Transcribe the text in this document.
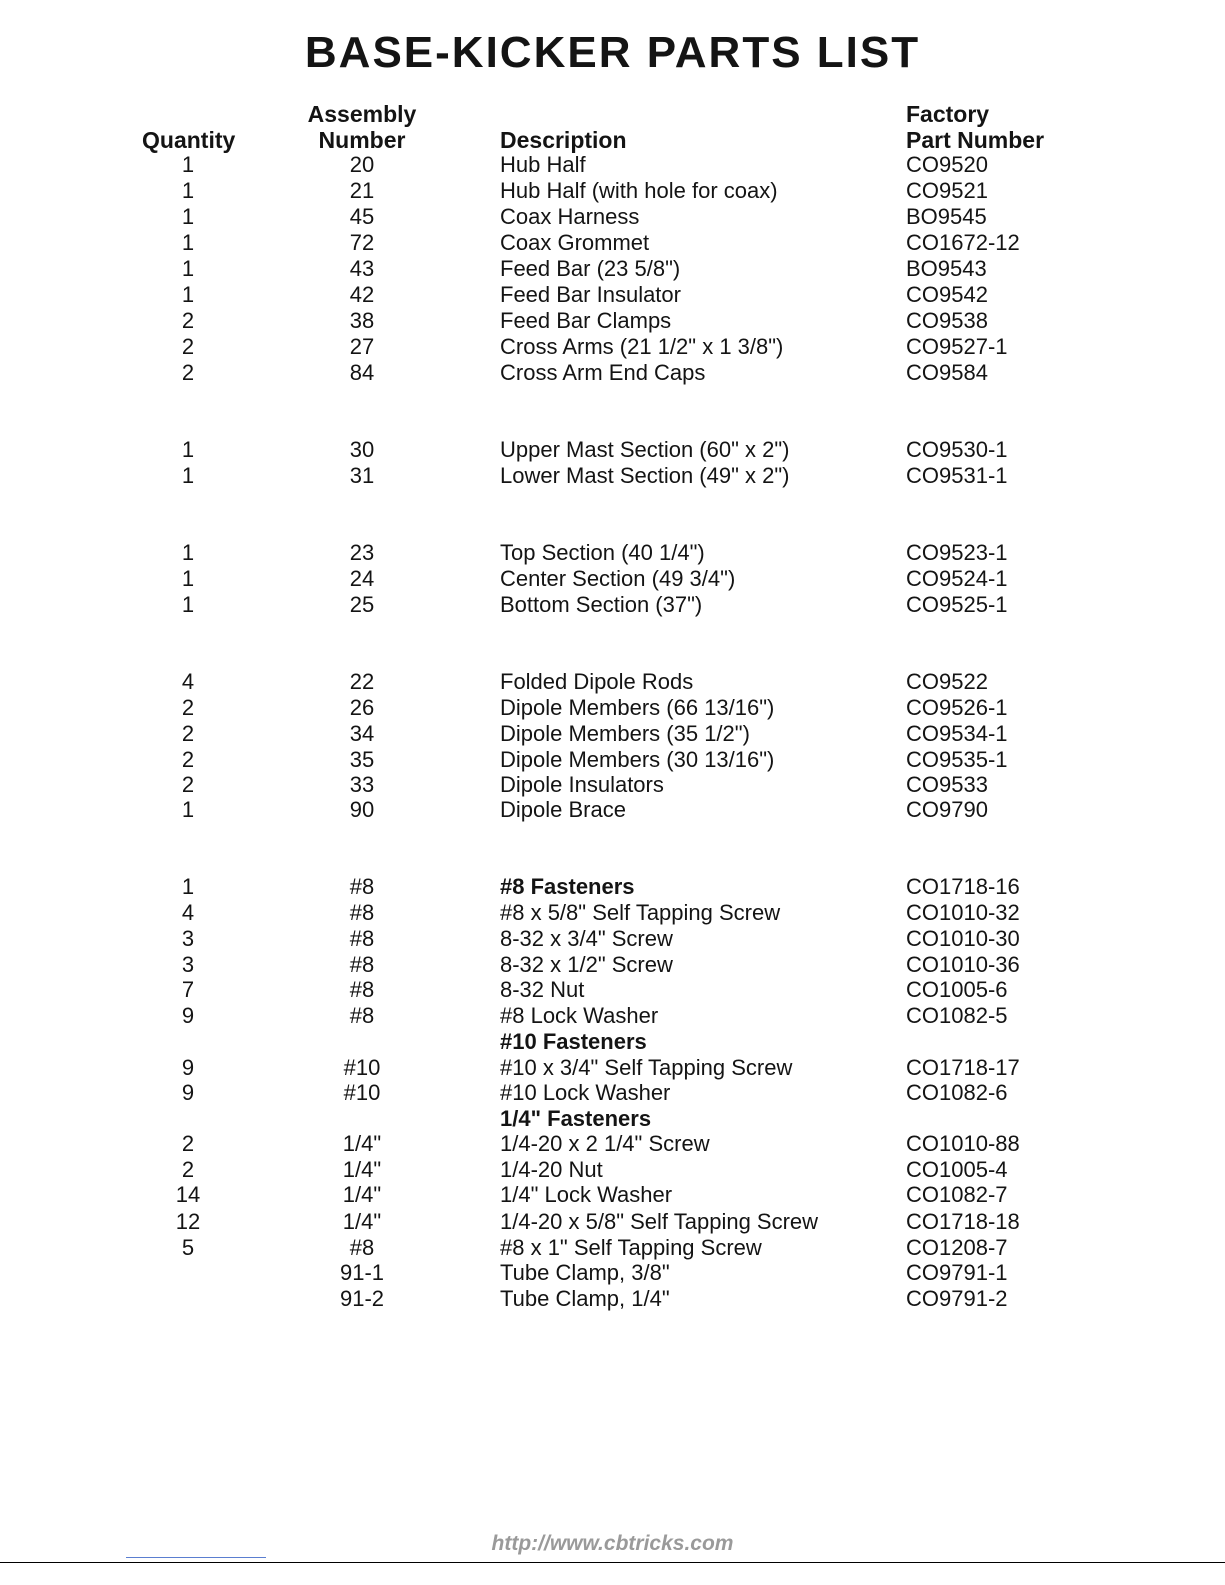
BASE-KICKER PARTS LIST
Quantity
Assembly
Number	Description
Factory
Part Number
1	20	Hub Half	CO9520
1	21	Hub Half (with hole for coax)	CO9521
1	45	Coax Harness	BO9545
1	72	Coax Grommet	CO1672-12
1	43	Feed Bar (23 5/8")	BO9543
1	42	Feed Bar Insulator	CO9542
2	38	Feed Bar Clamps	CO9538
2	27	Cross Arms (21 1/2" x 1 3/8")	CO9527-1
2	84	Cross Arm End Caps	CO9584
1	30	Upper Mast Section (60" x 2")	CO9530-1
1	31	Lower Mast Section (49" x 2")	CO9531-1
1	23	Top Section (40 1/4")	CO9523-1
1	24	Center Section (49 3/4")	CO9524-1
1	25	Bottom Section (37")	CO9525-1
4	22	Folded Dipole Rods	CO9522
2	26	Dipole Members (66 13/16")	CO9526-1
2	34	Dipole Members (35 1/2")	CO9534-1
2	35	Dipole Members (30 13/16")	CO9535-1
2	33	Dipole Insulators	CO9533
1	90	Dipole Brace	CO9790
1	#8	#8 Fasteners	CO1718-16
4	#8	#8 x 5/8" Self Tapping Screw	CO1010-32
3	#8	8-32 x 3/4" Screw	CO1010-30
3	#8	8-32 x 1/2" Screw	CO1010-36
7	#8	8-32 Nut	CO1005-6
9	#8	#8 Lock Washer	CO1082-5
#10 Fasteners
9	#10	#10 x 3/4" Self Tapping Screw	CO1718-17
9	#10	#10 Lock Washer	CO1082-6
1/4" Fasteners
2	1/4"	1/4-20 x 2 1/4" Screw	CO1010-88
2	1/4"	1/4-20 Nut	CO1005-4
14	1/4"	1/4" Lock Washer	CO1082-7
12	1/4"	1/4-20 x 5/8" Self Tapping Screw	CO1718-18
5	#8	#8 x 1" Self Tapping Screw	CO1208-7
91-1	Tube Clamp, 3/8"	CO9791-1
91-2	Tube Clamp, 1/4"	CO9791-2
http://www.cbtricks.com
